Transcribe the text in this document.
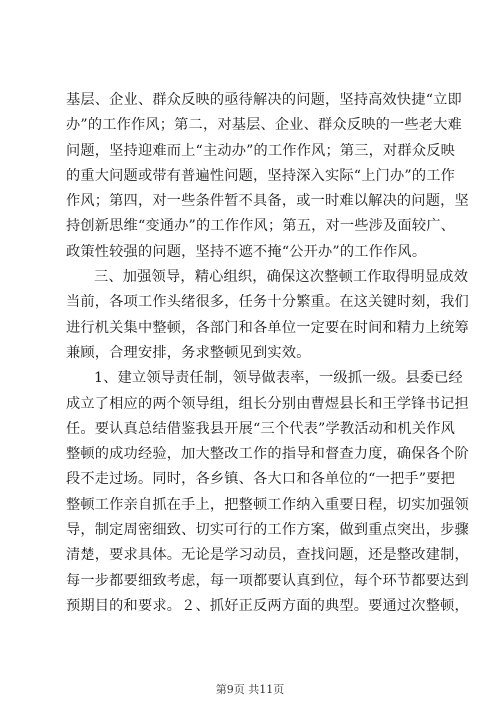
基层、企业、群众反映的亟待解决的问题，坚持高效快捷“立即
办”的工作作风；第二，对基层、企业、群众反映的一些老大难
问题，坚持迎难而上“主动办”的工作作风；第三，对群众反映
的重大问题或带有普遍性问题，坚持深入实际“上门办”的工作
作风；第四，对一些条件暂不具备，或一时难以解决的问题，坚
持创新思维“变通办”的工作作风；第五，对一些涉及面较广、
政策性较强的问题，坚持不遮不掩“公开办”的工作作风。
三、加强领导，精心组织，确保这次整顿工作取得明显成效
当前，各项工作头绪很多，任务十分繁重。在这关键时刻，我们
进行机关集中整顿，各部门和各单位一定要在时间和精力上统筹
兼顾，合理安排，务求整顿见到实效。
1、建立领导责任制，领导做表率，一级抓一级。县委已经
成立了相应的两个领导组，组长分别由曹煜县长和王学锋书记担
任。要认真总结借鉴我县开展“三个代表”学教活动和机关作风
整顿的成功经验，加大整改工作的指导和督查力度，确保各个阶
段不走过场。同时，各乡镇、各大口和各单位的“一把手”要把
整顿工作亲自抓在手上，把整顿工作纳入重要日程，切实加强领
导，制定周密细致、切实可行的工作方案，做到重点突出，步骤
清楚，要求具体。无论是学习动员，查找问题，还是整改建制，
每一步都要细致考虑，每一项都要认真到位，每个环节都要达到
预期目的和要求。２、抓好正反两方面的典型。要通过次整顿，
第9页 共11页
